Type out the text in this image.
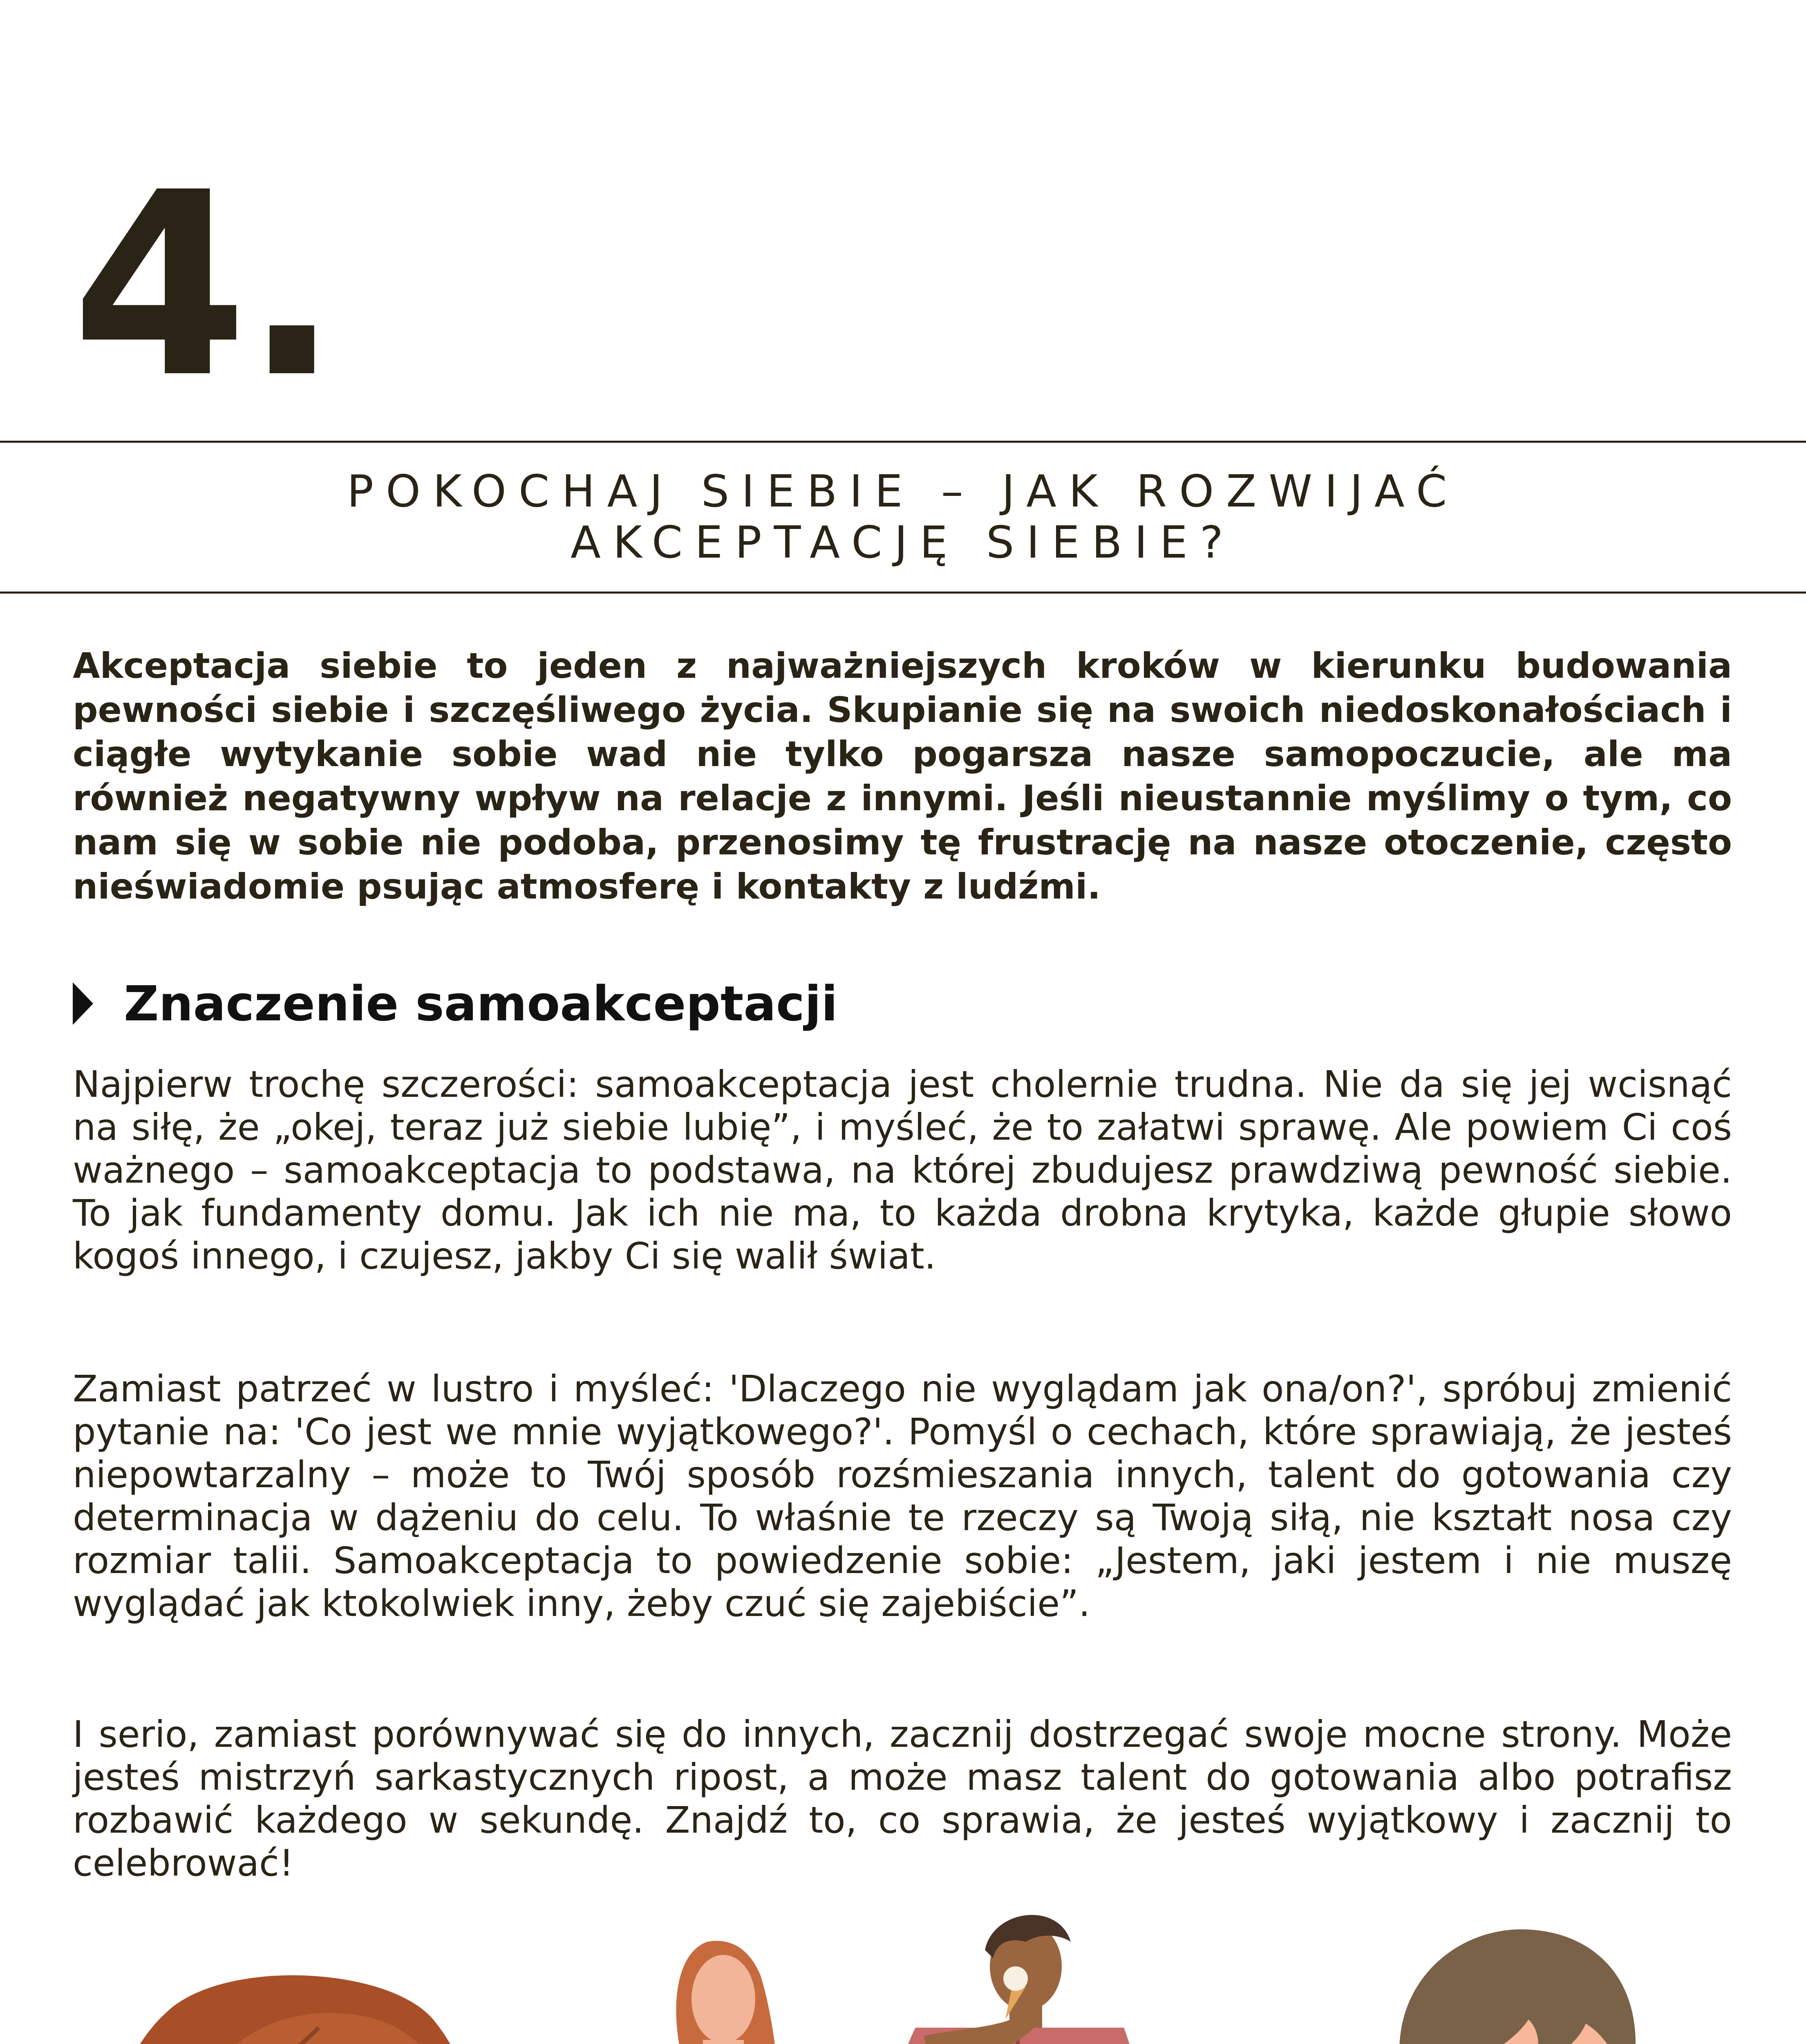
4.
POKOCHAJ SIEBIE – JAK ROZWIJAĆ
AKCEPTACJĘ SIEBIE?

Akceptacja siebie to jeden z najważniejszych kroków w kierunku budowania pewności siebie i szczęśliwego życia. Skupianie się na swoich niedoskonałościach i ciągłe wytykanie sobie wad nie tylko pogarsza nasze samopoczucie, ale ma również negatywny wpływ na relacje z innymi. Jeśli nieustannie myślimy o tym, co nam się w sobie nie podoba, przenosimy tę frustrację na nasze otoczenie, często nieświadomie psując atmosferę i kontakty z ludźmi.

Znaczenie samoakceptacji

Najpierw trochę szczerości: samoakceptacja jest cholernie trudna. Nie da się jej wcisnąć na siłę, że „okej, teraz już siebie lubię”, i myśleć, że to załatwi sprawę. Ale powiem Ci coś ważnego – samoakceptacja to podstawa, na której zbudujesz prawdziwą pewność siebie. To jak fundamenty domu. Jak ich nie ma, to każda drobna krytyka, każde głupie słowo kogoś innego, i czujesz, jakby Ci się walił świat.

Zamiast patrzeć w lustro i myśleć: 'Dlaczego nie wyglądam jak ona/on?', spróbuj zmienić pytanie na: 'Co jest we mnie wyjątkowego?'. Pomyśl o cechach, które sprawiają, że jesteś niepowtarzalny – może to Twój sposób rozśmieszania innych, talent do gotowania czy determinacja w dążeniu do celu. To właśnie te rzeczy są Twoją siłą, nie kształt nosa czy rozmiar talii. Samoakceptacja to powiedzenie sobie: „Jestem, jaki jestem i nie muszę wyglądać jak ktokolwiek inny, żeby czuć się zajebiście”.

I serio, zamiast porównywać się do innych, zacznij dostrzegać swoje mocne strony. Może jesteś mistrzyń sarkastycznych ripost, a może masz talent do gotowania albo potrafisz rozbawić każdego w sekundę. Znajdź to, co sprawia, że jesteś wyjątkowy i zacznij to celebrować!
